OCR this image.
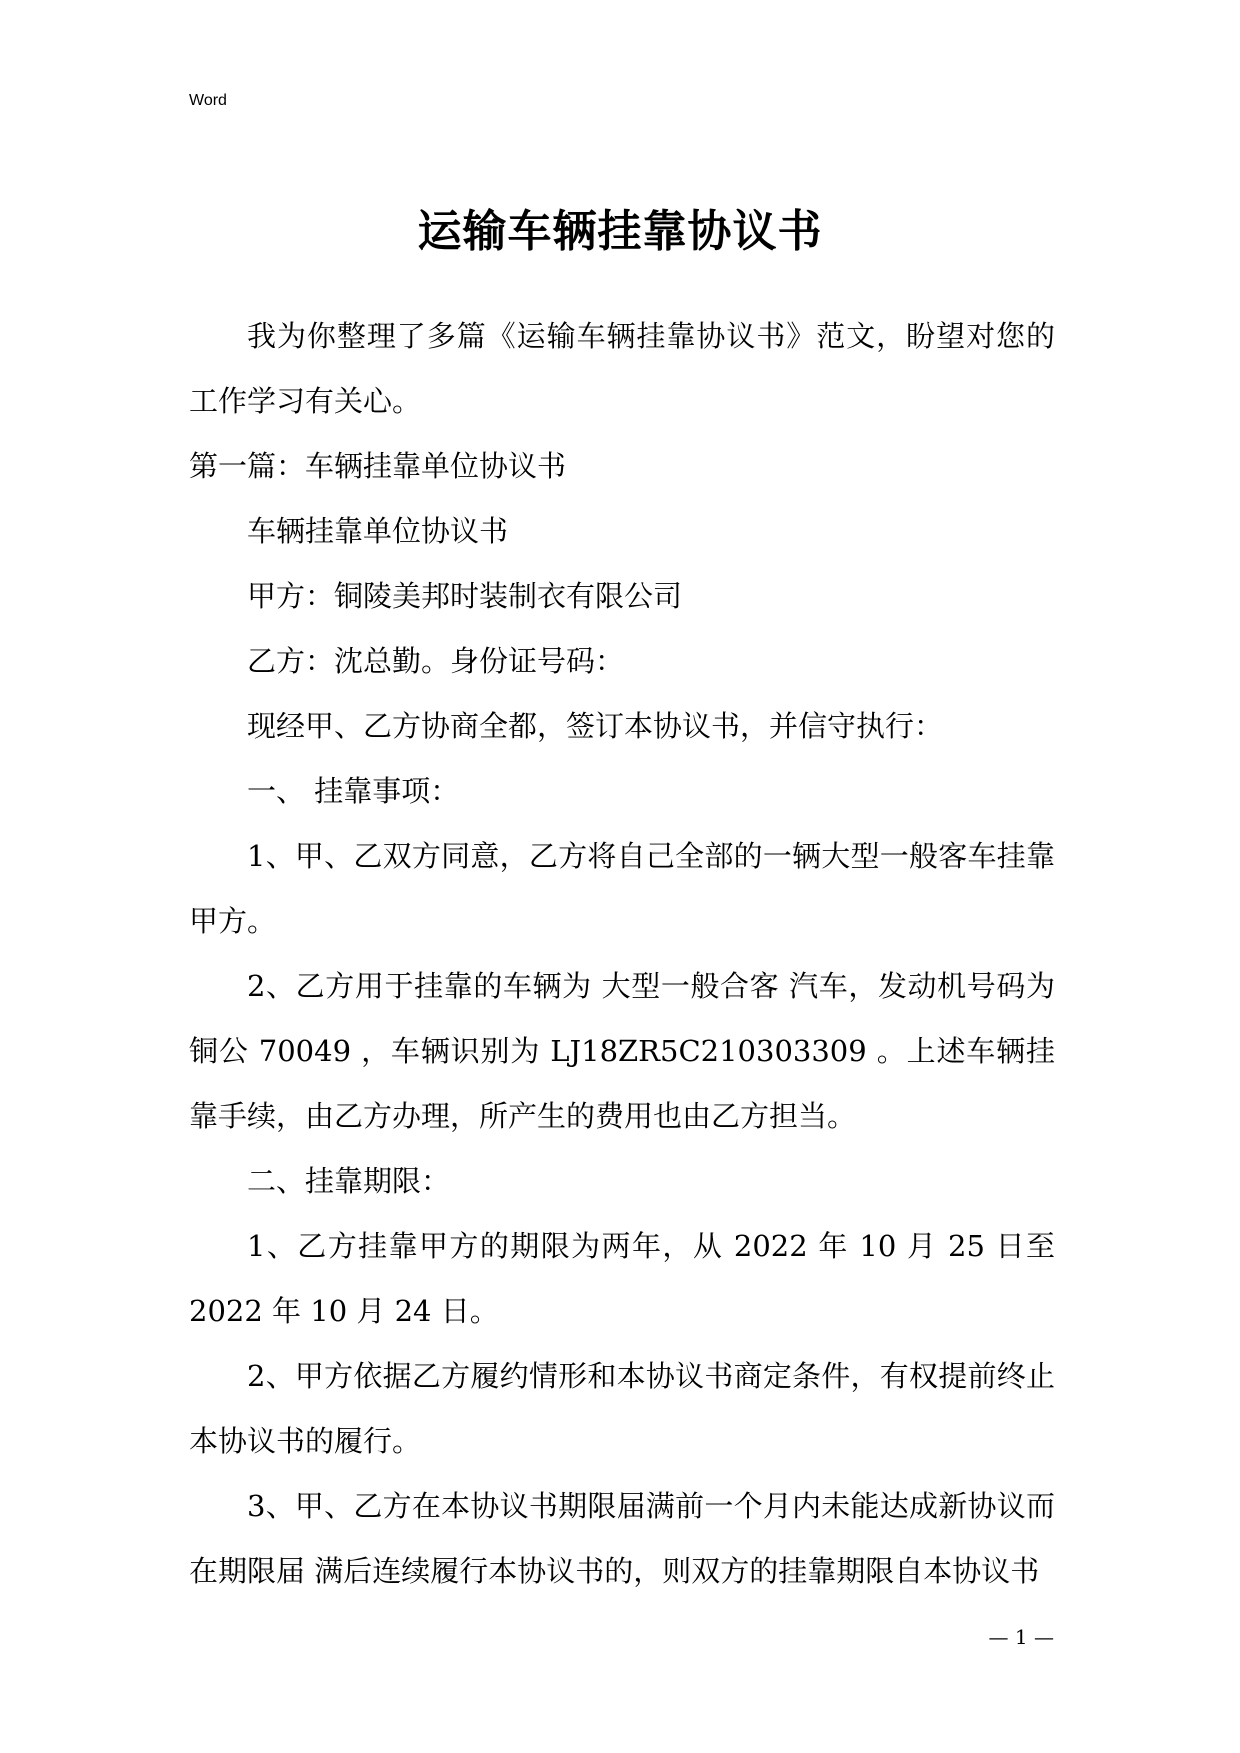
Word
运输车辆挂靠协议书

我为你整理了多篇《运输车辆挂靠协议书》范文，盼望对您的工作学习有关心。

第一篇：车辆挂靠单位协议书

车辆挂靠单位协议书

甲方：铜陵美邦时装制衣有限公司

乙方：沈总勤。身份证号码：

现经甲、乙方协商全都，签订本协议书，并信守执行：

一、 挂靠事项：

1、甲、乙双方同意，乙方将自己全部的一辆大型一般客车挂靠甲方。

2、乙方用于挂靠的车辆为 大型一般合客 汽车，发动机号码为 铜公 70049 ，车辆识别为 LJ18ZR5C210303309 。上述车辆挂靠手续，由乙方办理，所产生的费用也由乙方担当。

二、挂靠期限：

1、乙方挂靠甲方的期限为两年，从 2022 年 10 月 25 日至 2022 年 10 月 24 日。

2、甲方依据乙方履约情形和本协议书商定条件，有权提前终止本协议书的履行。

3、甲、乙方在本协议书期限届满前一个月内未能达成新协议而在期限届 满后连续履行本协议书的，则双方的挂靠期限自本协议书

— 1 —
